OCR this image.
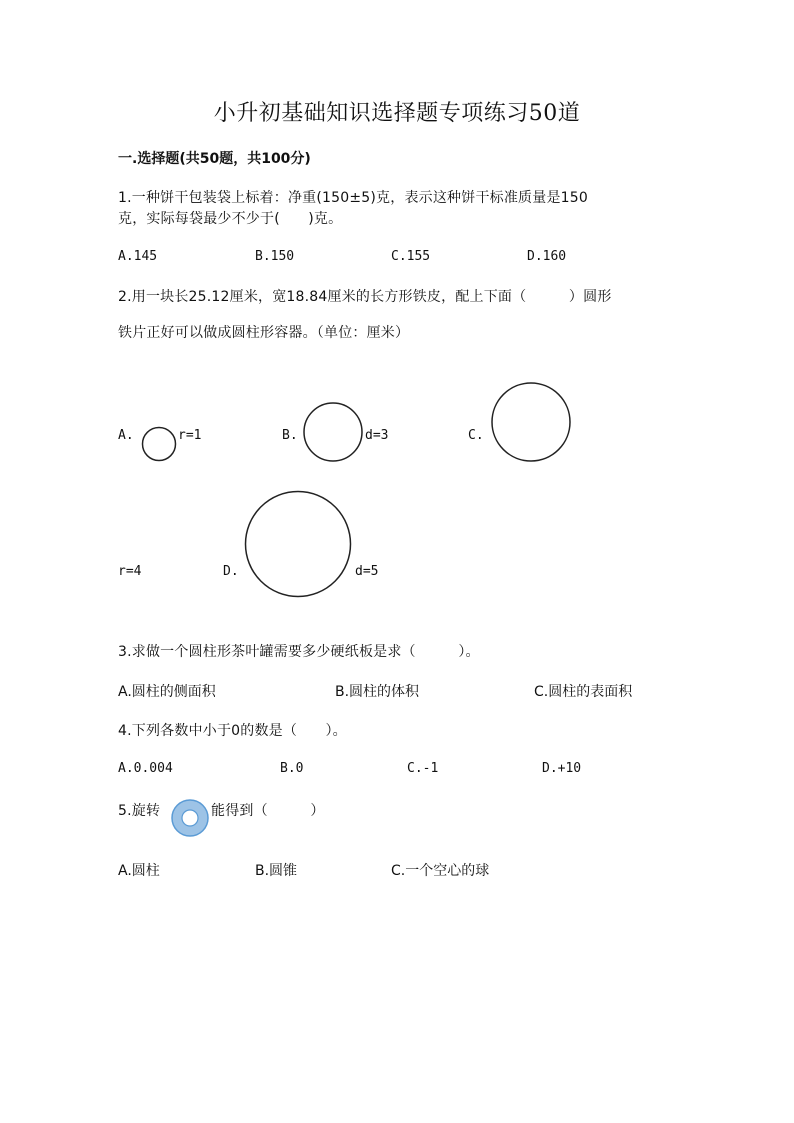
小升初基础知识选择题专项练习50道
一.选择题(共50题，共100分)
1.一种饼干包装袋上标着：净重(150±5)克，表示这种饼干标准质量是150
克，实际每袋最少不少于(　　)克。
A.145	B.150	C.155	D.160
2.用一块长25.12厘米，宽18.84厘米的长方形铁皮，配上下面（　　　）圆形
铁片正好可以做成圆柱形容器。（单位：厘米）
A.	r=1	B.	d=3	C.
r=4	D.	d=5
3.求做一个圆柱形茶叶罐需要多少硬纸板是求（　　　）。
A.圆柱的侧面积	B.圆柱的体积	C.圆柱的表面积
4.下列各数中小于0的数是（　　）。
A.0.004	B.0	C.-1	D.+10
5.旋转	能得到（　　　）
A.圆柱	B.圆锥	C.一个空心的球
